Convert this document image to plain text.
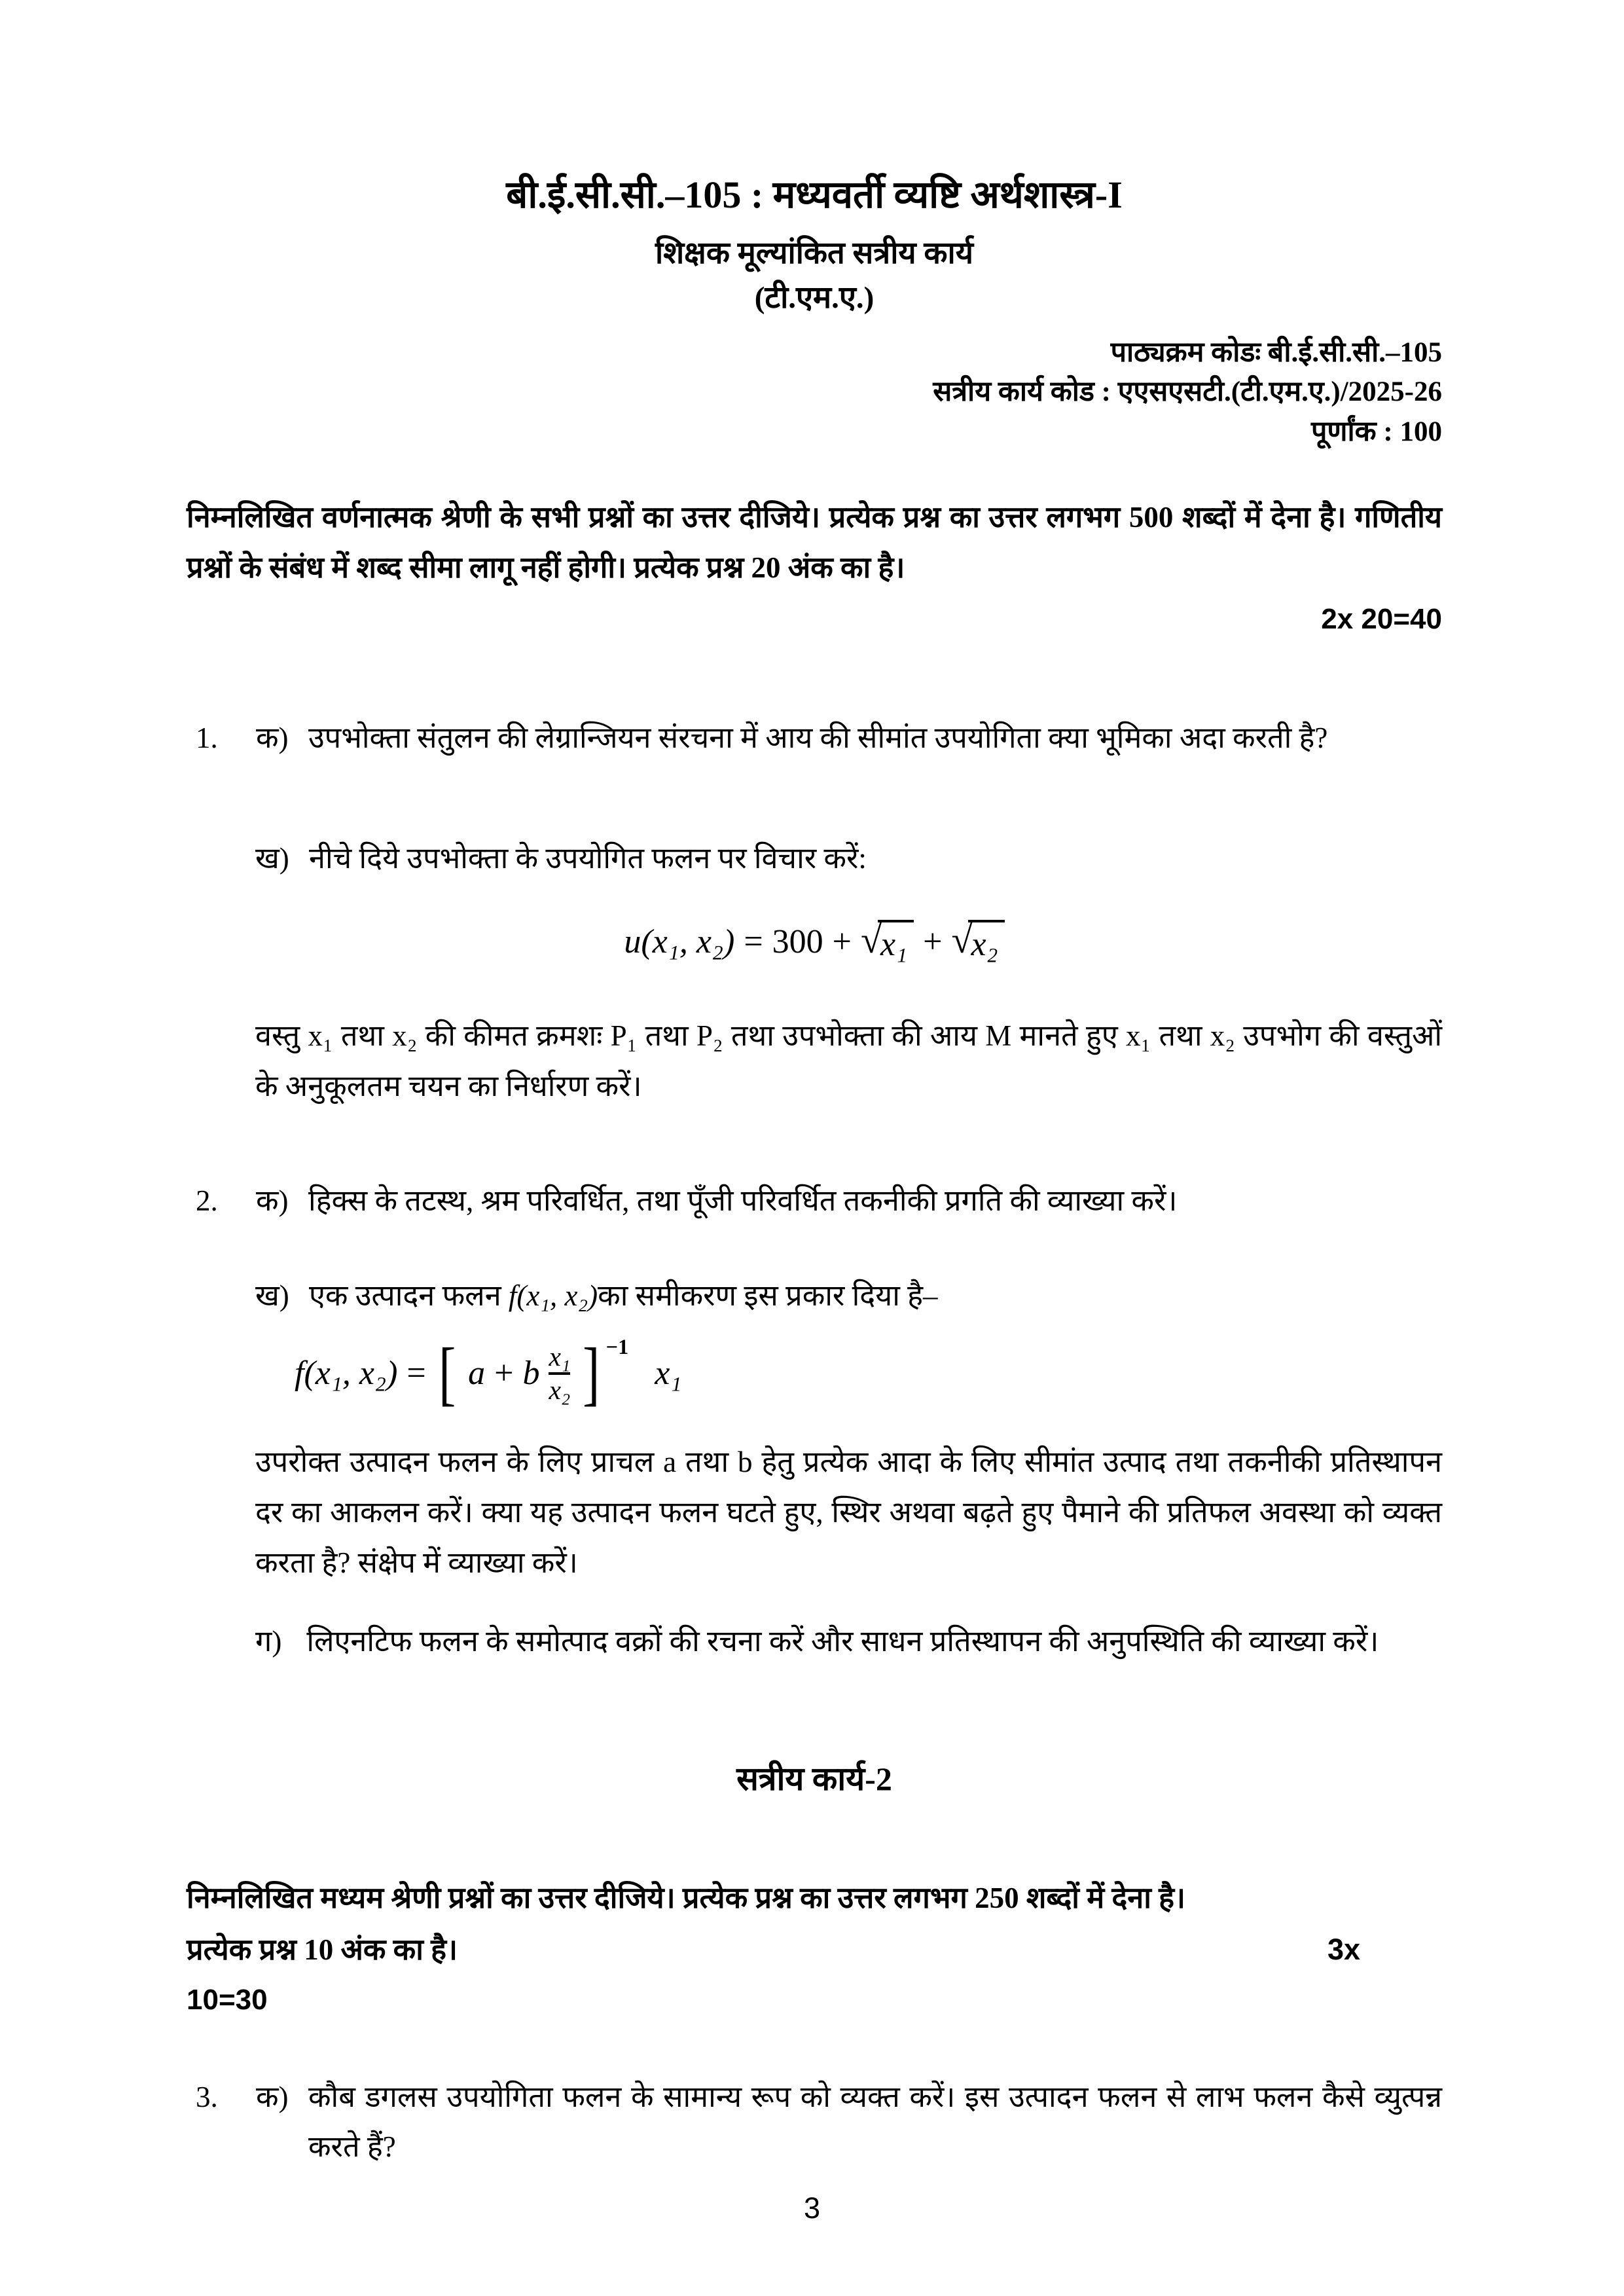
बी.ई.सी.सी.–105 : मध्यवर्ती व्यष्टि अर्थशास्त्र-I
शिक्षक मूल्यांकित सत्रीय कार्य
(टी.एम.ए.)
पाठ्यक्रम कोडः बी.ई.सी.सी.–105
सत्रीय कार्य कोड : एएसएसटी.(टी.एम.ए.)/2025-26
पूर्णांक : 100
निम्नलिखित वर्णनात्मक श्रेणी के सभी प्रश्नों का उत्तर दीजिये। प्रत्येक प्रश्न का उत्तर लगभग 500 शब्दों में देना है। गणितीय प्रश्नों के संबंध में शब्द सीमा लागू नहीं होगी। प्रत्येक प्रश्न 20 अंक का है।
2x 20=40
1.	क) उपभोक्ता संतुलन की लेग्रान्जियन संरचना में आय की सीमांत उपयोगिता क्या भूमिका अदा करती है?
ख) नीचे दिये उपभोक्ता के उपयोगित फलन पर विचार करें:
u(x₁, x₂) = 300 + √
x₁ + √
x₂
वस्तु x₁ तथा x₂ की कीमत क्रमशः P₁ तथा P₂ तथा उपभोक्ता की आय M मानते हुए x₁ तथा x₂ उपभोग की वस्तुओं के अनुकूलतम चयन का निर्धारण करें।
2.	क) हिक्स के तटस्थ, श्रम परिवर्धित, तथा पूँजी परिवर्धित तकनीकी प्रगति की व्याख्या करें।
ख) एक उत्पादन फलन f(x₁, x₂)का समीकरण इस प्रकार दिया है–
f(x₁, x₂) = [ a + b $\frac{\text{x₁}}{\text{x₂}}$ ] −1
x₁
उपरोक्त उत्पादन फलन के लिए प्राचल a तथा b हेतु प्रत्येक आदा के लिए सीमांत उत्पाद तथा तकनीकी प्रतिस्थापन दर का आकलन करें। क्या यह उत्पादन फलन घटते हुए, स्थिर अथवा बढ़ते हुए पैमाने की प्रतिफल अवस्था को व्यक्त करता है? संक्षेप में व्याख्या करें।
ग) लिएनटिफ फलन के समोत्पाद वक्रों की रचना करें और साधन प्रतिस्थापन की अनुपस्थिति की व्याख्या करें।
सत्रीय कार्य-2
निम्नलिखित मध्यम श्रेणी प्रश्नों का उत्तर दीजिये। प्रत्येक प्रश्न का उत्तर लगभग 250 शब्दों में देना है।
प्रत्येक प्रश्न 10 अंक का है।	3x
10=30
3.	क) कौब डगलस उपयोगिता फलन के सामान्य रूप को व्यक्त करें। इस उत्पादन फलन से लाभ फलन कैसे व्युत्पन्न करते हैं?
3
